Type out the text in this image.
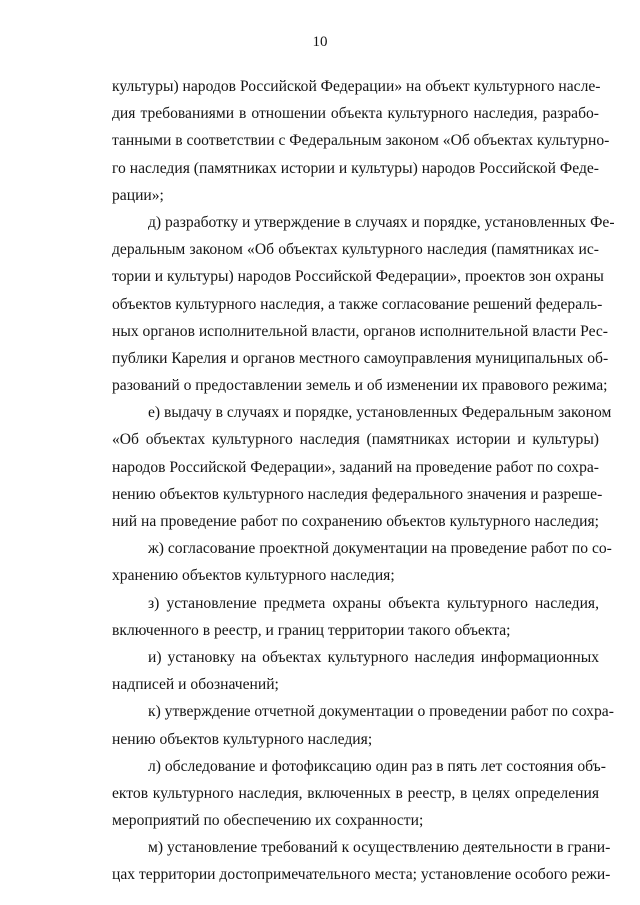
10
культуры) народов Российской Федерации» на объект культурного насле-
дия требованиями в отношении объекта культурного наследия, разрабо-
танными в соответствии с Федеральным законом «Об объектах культурно-
го наследия (памятниках истории и культуры) народов Российской Феде-
рации»;
д) разработку и утверждение в случаях и порядке, установленных Фе-
деральным законом «Об объектах культурного наследия (памятниках ис-
тории и культуры) народов Российской Федерации», проектов зон охраны
объектов культурного наследия, а также согласование решений федераль-
ных органов исполнительной власти, органов исполнительной власти Рес-
публики Карелия и органов местного самоуправления муниципальных об-
разований о предоставлении земель и об изменении их правового режима;
е) выдачу в случаях и порядке, установленных Федеральным законом
«Об объектах культурного наследия (памятниках истории и культуры)
народов Российской Федерации», заданий на проведение работ по сохра-
нению объектов культурного наследия федерального значения и разреше-
ний на проведение работ по сохранению объектов культурного наследия;
ж) согласование проектной документации на проведение работ по со-
хранению объектов культурного наследия;
з) установление предмета охраны объекта культурного наследия,
включенного в реестр, и границ территории такого объекта;
и) установку на объектах культурного наследия информационных
надписей и обозначений;
к) утверждение отчетной документации о проведении работ по сохра-
нению объектов культурного наследия;
л) обследование и фотофиксацию один раз в пять лет состояния объ-
ектов культурного наследия, включенных в реестр, в целях определения
мероприятий по обеспечению их сохранности;
м) установление требований к осуществлению деятельности в грани-
цах территории достопримечательного места; установление особого режи-
